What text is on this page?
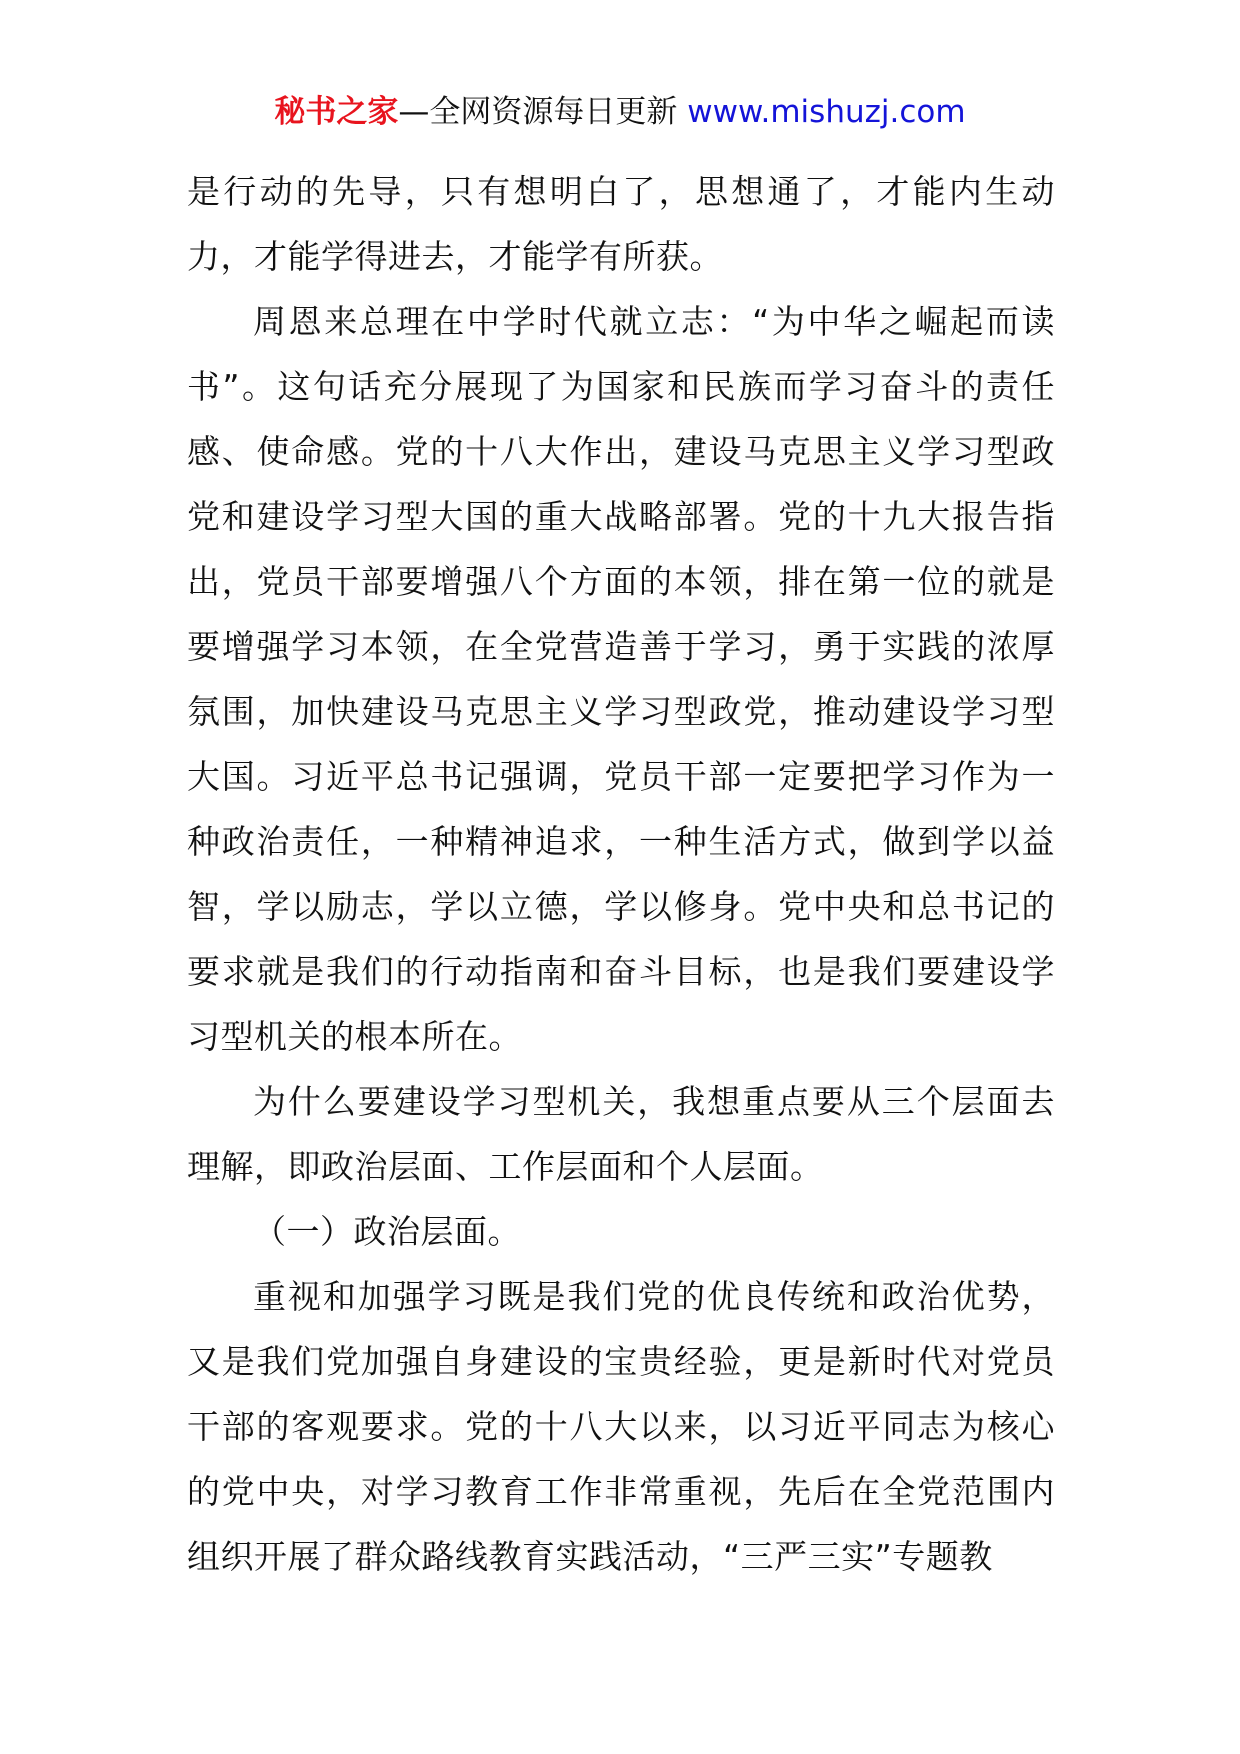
秘书之家—全网资源每日更新 www.mishuzj.com

是行动的先导，只有想明白了，思想通了，才能内生动力，才能学得进去，才能学有所获。

周恩来总理在中学时代就立志：“为中华之崛起而读书”。这句话充分展现了为国家和民族而学习奋斗的责任感、使命感。党的十八大作出，建设马克思主义学习型政党和建设学习型大国的重大战略部署。党的十九大报告指出，党员干部要增强八个方面的本领，排在第一位的就是要增强学习本领，在全党营造善于学习，勇于实践的浓厚氛围，加快建设马克思主义学习型政党，推动建设学习型大国。习近平总书记强调，党员干部一定要把学习作为一种政治责任，一种精神追求，一种生活方式，做到学以益智，学以励志，学以立德，学以修身。党中央和总书记的要求就是我们的行动指南和奋斗目标，也是我们要建设学习型机关的根本所在。

为什么要建设学习型机关，我想重点要从三个层面去理解，即政治层面、工作层面和个人层面。

（一）政治层面。

重视和加强学习既是我们党的优良传统和政治优势，又是我们党加强自身建设的宝贵经验，更是新时代对党员干部的客观要求。党的十八大以来，以习近平同志为核心的党中央，对学习教育工作非常重视，先后在全党范围内组织开展了群众路线教育实践活动，“三严三实”专题教
